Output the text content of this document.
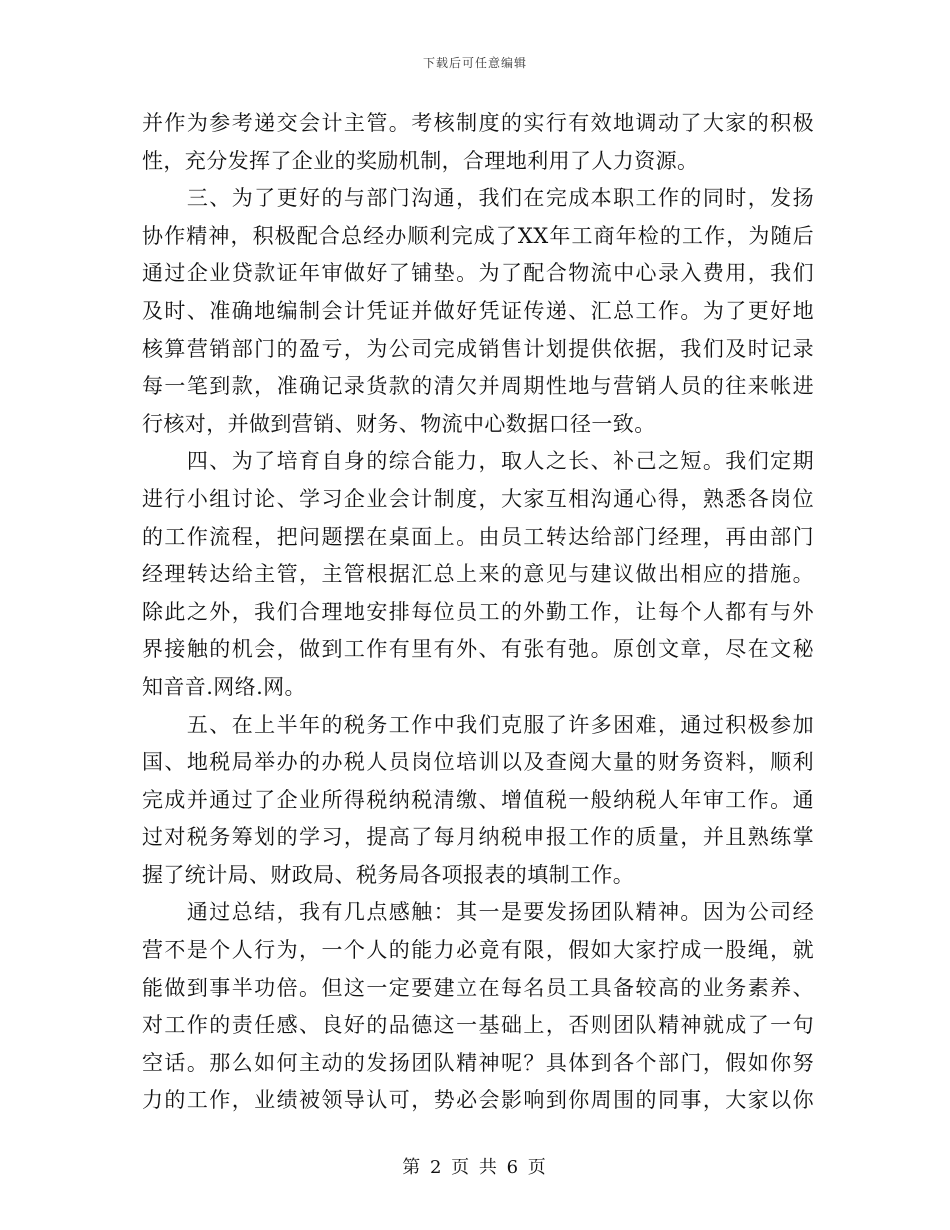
下载后可任意编辑
并作为参考递交会计主管。考核制度的实行有效地调动了大家的积极
性，充分发挥了企业的奖励机制，合理地利用了人力资源。
　　三、为了更好的与部门沟通，我们在完成本职工作的同时，发扬
协作精神，积极配合总经办顺利完成了XX年工商年检的工作，为随后
通过企业贷款证年审做好了铺垫。为了配合物流中心录入费用，我们
及时、准确地编制会计凭证并做好凭证传递、汇总工作。为了更好地
核算营销部门的盈亏，为公司完成销售计划提供依据，我们及时记录
每一笔到款，准确记录货款的清欠并周期性地与营销人员的往来帐进
行核对，并做到营销、财务、物流中心数据口径一致。
　　四、为了培育自身的综合能力，取人之长、补己之短。我们定期
进行小组讨论、学习企业会计制度，大家互相沟通心得，熟悉各岗位
的工作流程，把问题摆在桌面上。由员工转达给部门经理，再由部门
经理转达给主管，主管根据汇总上来的意见与建议做出相应的措施。
除此之外，我们合理地安排每位员工的外勤工作，让每个人都有与外
界接触的机会，做到工作有里有外、有张有弛。原创文章，尽在文秘
知音音.网络.网。
　　五、在上半年的税务工作中我们克服了许多困难，通过积极参加
国、地税局举办的办税人员岗位培训以及查阅大量的财务资料，顺利
完成并通过了企业所得税纳税清缴、增值税一般纳税人年审工作。通
过对税务筹划的学习，提高了每月纳税申报工作的质量，并且熟练掌
握了统计局、财政局、税务局各项报表的填制工作。
　　通过总结，我有几点感触：其一是要发扬团队精神。因为公司经
营不是个人行为，一个人的能力必竟有限，假如大家拧成一股绳，就
能做到事半功倍。但这一定要建立在每名员工具备较高的业务素养、
对工作的责任感、良好的品德这一基础上，否则团队精神就成了一句
空话。那么如何主动的发扬团队精神呢？具体到各个部门，假如你努
力的工作，业绩被领导认可，势必会影响到你周围的同事，大家以你
第 2 页 共 6 页
